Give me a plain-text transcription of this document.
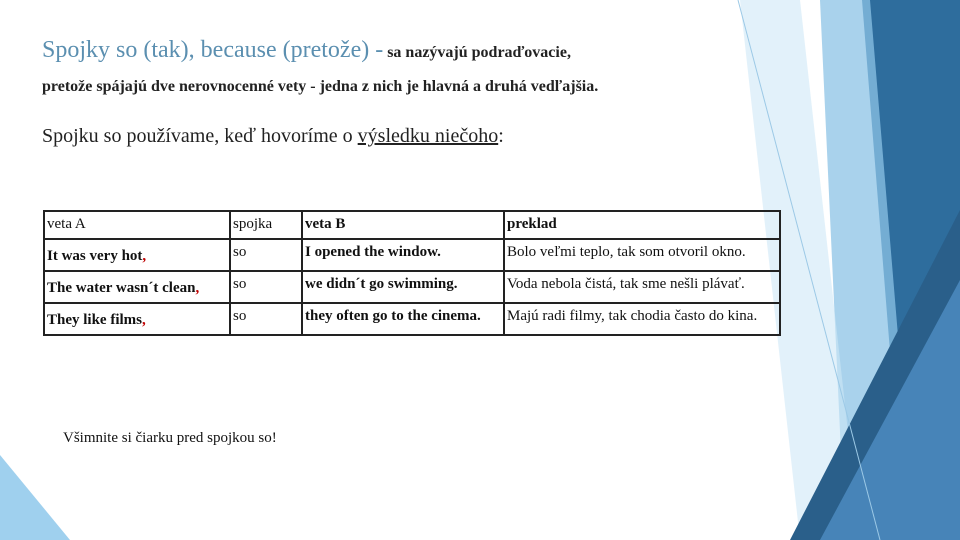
Spojky so (tak), because (pretože) - sa nazývajú podraďovacie,
pretože spájajú dve nerovnocenné vety - jedna z nich je hlavná a druhá vedľajšia.
Spojku so používame, keď hovoríme o výsledku niečoho:
veta A	spojka	veta B	preklad
It was very hot,	so	I opened the window.	Bolo veľmi teplo, tak som otvoril okno.
The water wasn´t clean,	so	we didn´t go swimming.	Voda nebola čistá, tak sme nešli plávať.
They like films,	so	they often go to the cinema.	Majú radi filmy, tak chodia často do kina.
Všimnite si čiarku pred spojkou so!
